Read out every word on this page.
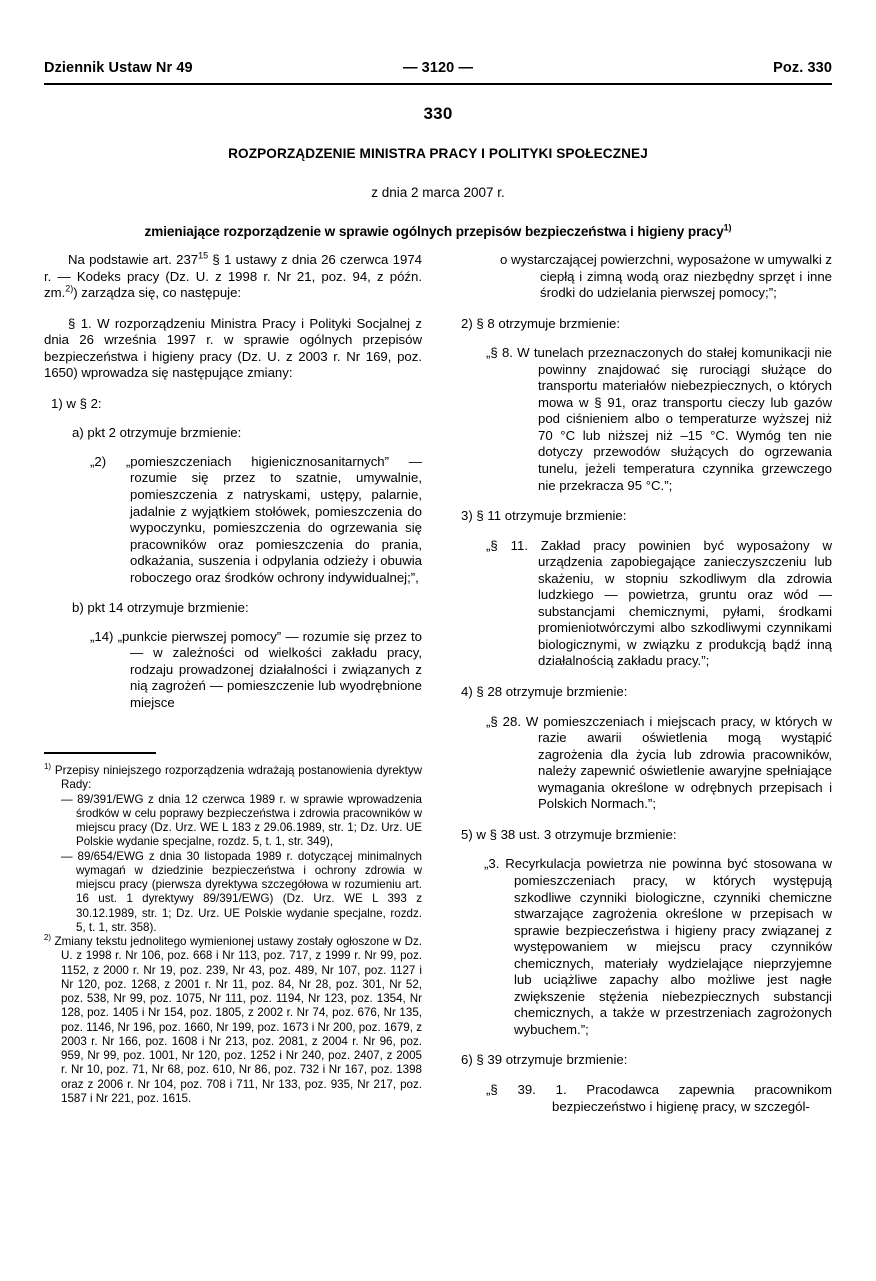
Dziennik Ustaw Nr 49	Poz. 330
— 3120 —
330
ROZPORZĄDZENIE MINISTRA PRACY I POLITYKI SPOŁECZNEJ
z dnia 2 marca 2007 r.
zmieniające rozporządzenie w sprawie ogólnych przepisów bezpieczeństwa i higieny pracy$^{1)}$

Na podstawie art. 237$^{15}$ § 1 ustawy z dnia 26 czerwca 1974 r. — Kodeks pracy (Dz. U. z 1998 r. Nr 21, poz. 94, z późn. zm.$^{2)}$) zarządza się, co następuje:

§ 1. W rozporządzeniu Ministra Pracy i Polityki Socjalnej z dnia 26 września 1997 r. w sprawie ogólnych przepisów bezpieczeństwa i higieny pracy (Dz. U. z 2003 r. Nr 169, poz. 1650) wprowadza się następujące zmiany:

1) w § 2:

a) pkt 2 otrzymuje brzmienie:

„2) „pomieszczeniach higienicznosanitarnych” — rozumie się przez to szatnie, umywalnie, pomieszczenia z natryskami, ustępy, palarnie, jadalnie z wyjątkiem stołówek, pomieszczenia do wypoczynku, pomieszczenia do ogrzewania się pracowników oraz pomieszczenia do prania, odkażania, suszenia i odpylania odzieży i obuwia roboczego oraz środków ochrony indywidualnej;”,

b) pkt 14 otrzymuje brzmienie:

„14) „punkcie pierwszej pomocy” — rozumie się przez to — w zależności od wielkości zakładu pracy, rodzaju prowadzonej działalności i związanych z nią zagrożeń — pomieszczenie lub wyodrębnione miejsce

$^{1)}$ Przepisy niniejszego rozporządzenia wdrażają postanowienia dyrektyw Rady:

— 89/391/EWG z dnia 12 czerwca 1989 r. w sprawie wprowadzenia środków w celu poprawy bezpieczeństwa i zdrowia pracowników w miejscu pracy (Dz. Urz. WE L 183 z 29.06.1989, str. 1; Dz. Urz. UE Polskie wydanie specjalne, rozdz. 5, t. 1, str. 349),

— 89/654/EWG z dnia 30 listopada 1989 r. dotyczącej minimalnych wymagań w dziedzinie bezpieczeństwa i ochrony zdrowia w miejscu pracy (pierwsza dyrektywa szczegółowa w rozumieniu art. 16 ust. 1 dyrektywy 89/391/EWG) (Dz. Urz. WE L 393 z 30.12.1989, str. 1; Dz. Urz. UE Polskie wydanie specjalne, rozdz. 5, t. 1, str. 358).

$^{2)}$ Zmiany tekstu jednolitego wymienionej ustawy zostały ogłoszone w Dz. U. z 1998 r. Nr 106, poz. 668 i Nr 113, poz. 717, z 1999 r. Nr 99, poz. 1152, z 2000 r. Nr 19, poz. 239, Nr 43, poz. 489, Nr 107, poz. 1127 i Nr 120, poz. 1268, z 2001 r. Nr 11, poz. 84, Nr 28, poz. 301, Nr 52, poz. 538, Nr 99, poz. 1075, Nr 111, poz. 1194, Nr 123, poz. 1354, Nr 128, poz. 1405 i Nr 154, poz. 1805, z 2002 r. Nr 74, poz. 676, Nr 135, poz. 1146, Nr 196, poz. 1660, Nr 199, poz. 1673 i Nr 200, poz. 1679, z 2003 r. Nr 166, poz. 1608 i Nr 213, poz. 2081, z 2004 r. Nr 96, poz. 959, Nr 99, poz. 1001, Nr 120, poz. 1252 i Nr 240, poz. 2407, z 2005 r. Nr 10, poz. 71, Nr 68, poz. 610, Nr 86, poz. 732 i Nr 167, poz. 1398 oraz z 2006 r. Nr 104, poz. 708 i 711, Nr 133, poz. 935, Nr 217, poz. 1587 i Nr 221, poz. 1615.

o wystarczającej powierzchni, wyposażone w umywalki z ciepłą i zimną wodą oraz niezbędny sprzęt i inne środki do udzielania pierwszej pomocy;”;

2) § 8 otrzymuje brzmienie:

„§ 8. W tunelach przeznaczonych do stałej komunikacji nie powinny znajdować się rurociągi służące do transportu materiałów niebezpiecznych, o których mowa w § 91, oraz transportu cieczy lub gazów pod ciśnieniem albo o temperaturze wyższej niż 70 °C lub niższej niż –15 °C. Wymóg ten nie dotyczy przewodów służących do ogrzewania tunelu, jeżeli temperatura czynnika grzewczego nie przekracza 95 °C.”;

3) § 11 otrzymuje brzmienie:

„§ 11. Zakład pracy powinien być wyposażony w urządzenia zapobiegające zanieczyszczeniu lub skażeniu, w stopniu szkodliwym dla zdrowia ludzkiego — powietrza, gruntu oraz wód — substancjami chemicznymi, pyłami, środkami promieniotwórczymi albo szkodliwymi czynnikami biologicznymi, w związku z produkcją bądź inną działalnością zakładu pracy.”;

4) § 28 otrzymuje brzmienie:

„§ 28. W pomieszczeniach i miejscach pracy, w których w razie awarii oświetlenia mogą wystąpić zagrożenia dla życia lub zdrowia pracowników, należy zapewnić oświetlenie awaryjne spełniające wymagania określone w odrębnych przepisach i Polskich Normach.”;

5) w § 38 ust. 3 otrzymuje brzmienie:

„3. Recyrkulacja powietrza nie powinna być stosowana w pomieszczeniach pracy, w których występują szkodliwe czynniki biologiczne, czynniki chemiczne stwarzające zagrożenia określone w przepisach w sprawie bezpieczeństwa i higieny pracy związanej z występowaniem w miejscu pracy czynników chemicznych, materiały wydzielające nieprzyjemne lub uciążliwe zapachy albo możliwe jest nagłe zwiększenie stężenia niebezpiecznych substancji chemicznych, a także w przestrzeniach zagrożonych wybuchem.”;

6) § 39 otrzymuje brzmienie:

„§ 39. 1. Pracodawca zapewnia pracownikom bezpieczeństwo i higienę pracy, w szczegól-
